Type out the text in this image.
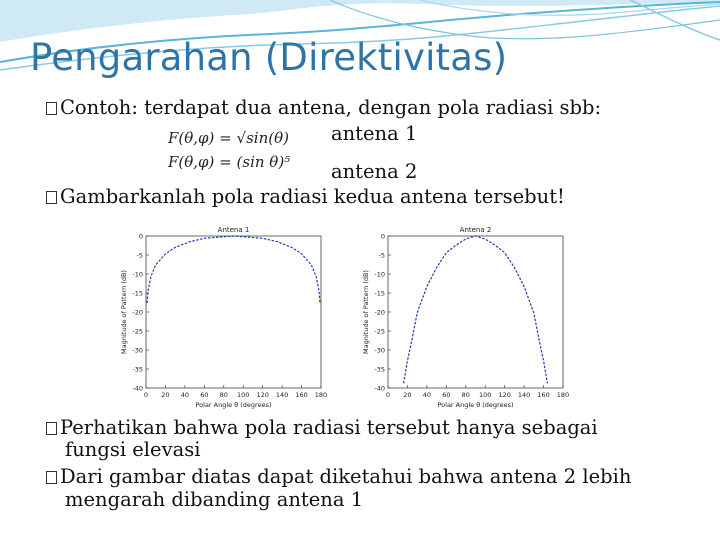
Pengarahan (Direktivitas)
Contoh: terdapat dua antena, dengan pola radiasi sbb:
F(θ,φ) = √sin(θ) antena 1
F(θ,φ) = (sin θ)⁵ antena 2
Gambarkanlah pola radiasi kedua antena tersebut!
Antena 1
0
-5
-10
-15
-20
-25
-30
-35
-40
0 20 40 60 80 100 120 140 160 180
Polar Angle θ (degrees)
Magnitude of Pattern (dB)
Antena 2
0
-5
-10
-15
-20
-25
-30
-35
-40
0 20 40 60 80 100 120 140 160 180
Polar Angle θ (degrees)
Magnitude of Pattern (dB)
Perhatikan bahwa pola radiasi tersebut hanya sebagai
fungsi elevasi
Dari gambar diatas dapat diketahui bahwa antena 2 lebih
mengarah dibanding antena 1
